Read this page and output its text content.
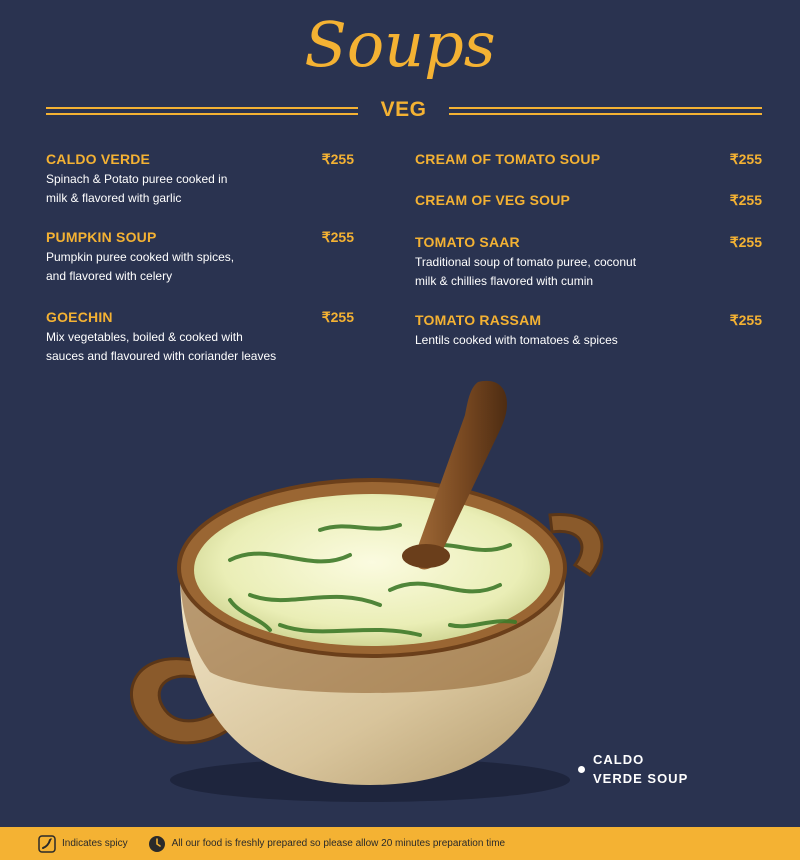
Soups
VEG
CALDO VERDE	₹255
Spinach & Potato puree cooked in
milk & flavored with garlic
PUMPKIN SOUP	₹255
Pumpkin puree cooked with spices,
and flavored with celery
GOECHIN	₹255
Mix vegetables, boiled & cooked with
sauces and flavoured with coriander leaves
CREAM OF TOMATO SOUP	₹255
CREAM OF VEG SOUP	₹255
TOMATO SAAR	₹255
Traditional soup of tomato puree, coconut
milk & chillies flavored with cumin
TOMATO RASSAM	₹255
Lentils cooked with tomatoes & spices
CALDO
VERDE SOUP
Indicates spicy	All our food is freshly prepared so please allow 20 minutes preparation time
